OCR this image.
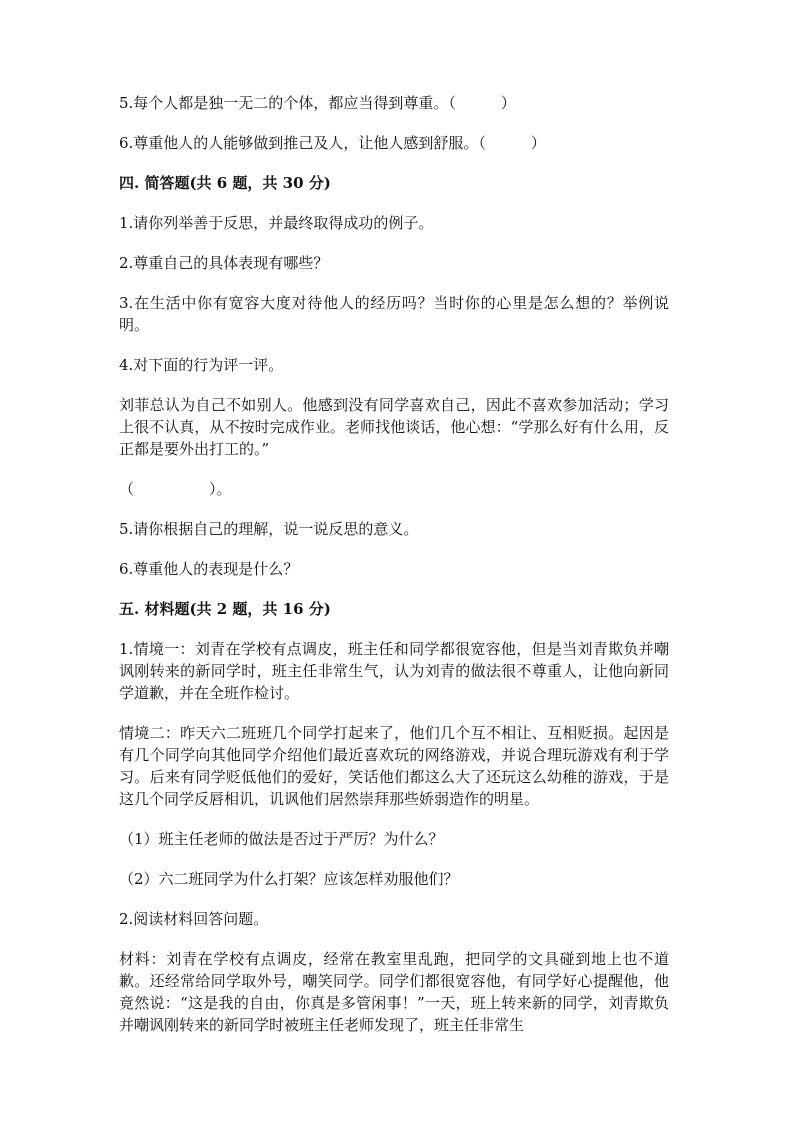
5.每个人都是独一无二的个体，都应当得到尊重。（　　　）

6.尊重他人的人能够做到推己及人，让他人感到舒服。（　　　）

四. 简答题(共 6 题，共 30 分)

1.请你列举善于反思，并最终取得成功的例子。

2.尊重自己的具体表现有哪些？

3.在生活中你有宽容大度对待他人的经历吗？当时你的心里是怎么想的？举例说明。

4.对下面的行为评一评。

刘菲总认为自己不如别人。他感到没有同学喜欢自己，因此不喜欢参加活动；学习上很不认真，从不按时完成作业。老师找他谈话，他心想：“学那么好有什么用，反正都是要外出打工的。”

（　　　　　）。

5.请你根据自己的理解，说一说反思的意义。

6.尊重他人的表现是什么？

五. 材料题(共 2 题，共 16 分)

1.情境一：刘青在学校有点调皮，班主任和同学都很宽容他，但是当刘青欺负并嘲讽刚转来的新同学时，班主任非常生气，认为刘青的做法很不尊重人，让他向新同学道歉，并在全班作检讨。

情境二：昨天六二班班几个同学打起来了，他们几个互不相让、互相贬损。起因是有几个同学向其他同学介绍他们最近喜欢玩的网络游戏，并说合理玩游戏有利于学习。后来有同学贬低他们的爱好，笑话他们都这么大了还玩这么幼稚的游戏，于是这几个同学反唇相讥，讥讽他们居然崇拜那些娇弱造作的明星。

（1）班主任老师的做法是否过于严厉？为什么？

（2）六二班同学为什么打架？应该怎样劝服他们？

2.阅读材料回答问题。

材料：刘青在学校有点调皮，经常在教室里乱跑，把同学的文具碰到地上也不道歉。还经常给同学取外号，嘲笑同学。同学们都很宽容他，有同学好心提醒他，他竟然说：“这是我的自由，你真是多管闲事！”一天，班上转来新的同学，刘青欺负并嘲讽刚转来的新同学时被班主任老师发现了，班主任非常生
